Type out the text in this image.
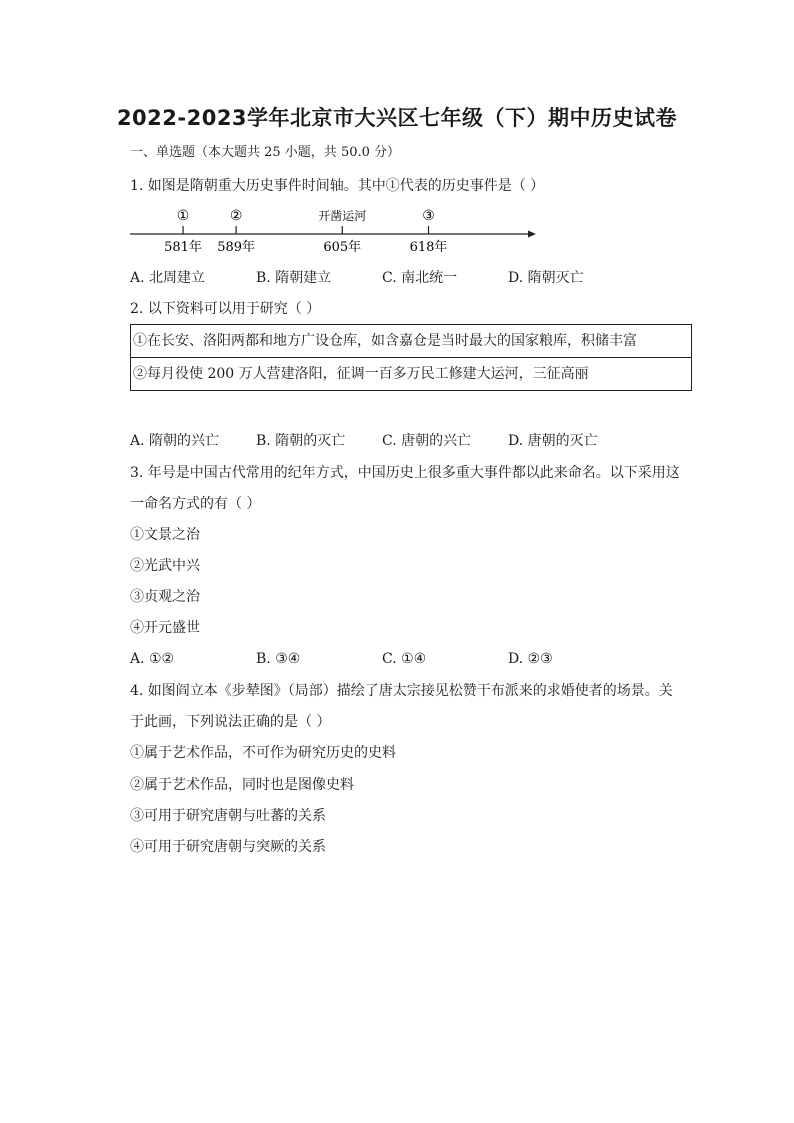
2022-2023学年北京市大兴区七年级（下）期中历史试卷
一、单选题（本大题共 25 小题，共 50.0 分）
1. 如图是隋朝重大历史事件时间轴。其中①代表的历史事件是（ ）
①
581年
②
589年
开凿运河
605年
③
618年
A. 北周建立	B. 隋朝建立	C. 南北统一	D. 隋朝灭亡
2. 以下资料可以用于研究（ ）
①在长安、洛阳两都和地方广设仓库，如含嘉仓是当时最大的国家粮库，积储丰富
②每月役使 200 万人营建洛阳，征调一百多万民工修建大运河，三征高丽
A. 隋朝的兴亡	B. 隋朝的灭亡	C. 唐朝的兴亡	D. 唐朝的灭亡
3. 年号是中国古代常用的纪年方式，中国历史上很多重大事件都以此来命名。以下采用这
一命名方式的有（ ）
①文景之治
②光武中兴
③贞观之治
④开元盛世
A. ①②	B. ③④	C. ①④	D. ②③
4. 如图阎立本《步辇图》（局部）描绘了唐太宗接见松赞干布派来的求婚使者的场景。关
于此画，下列说法正确的是（ ）
①属于艺术作品，不可作为研究历史的史料
②属于艺术作品，同时也是图像史料
③可用于研究唐朝与吐蕃的关系
④可用于研究唐朝与突厥的关系
